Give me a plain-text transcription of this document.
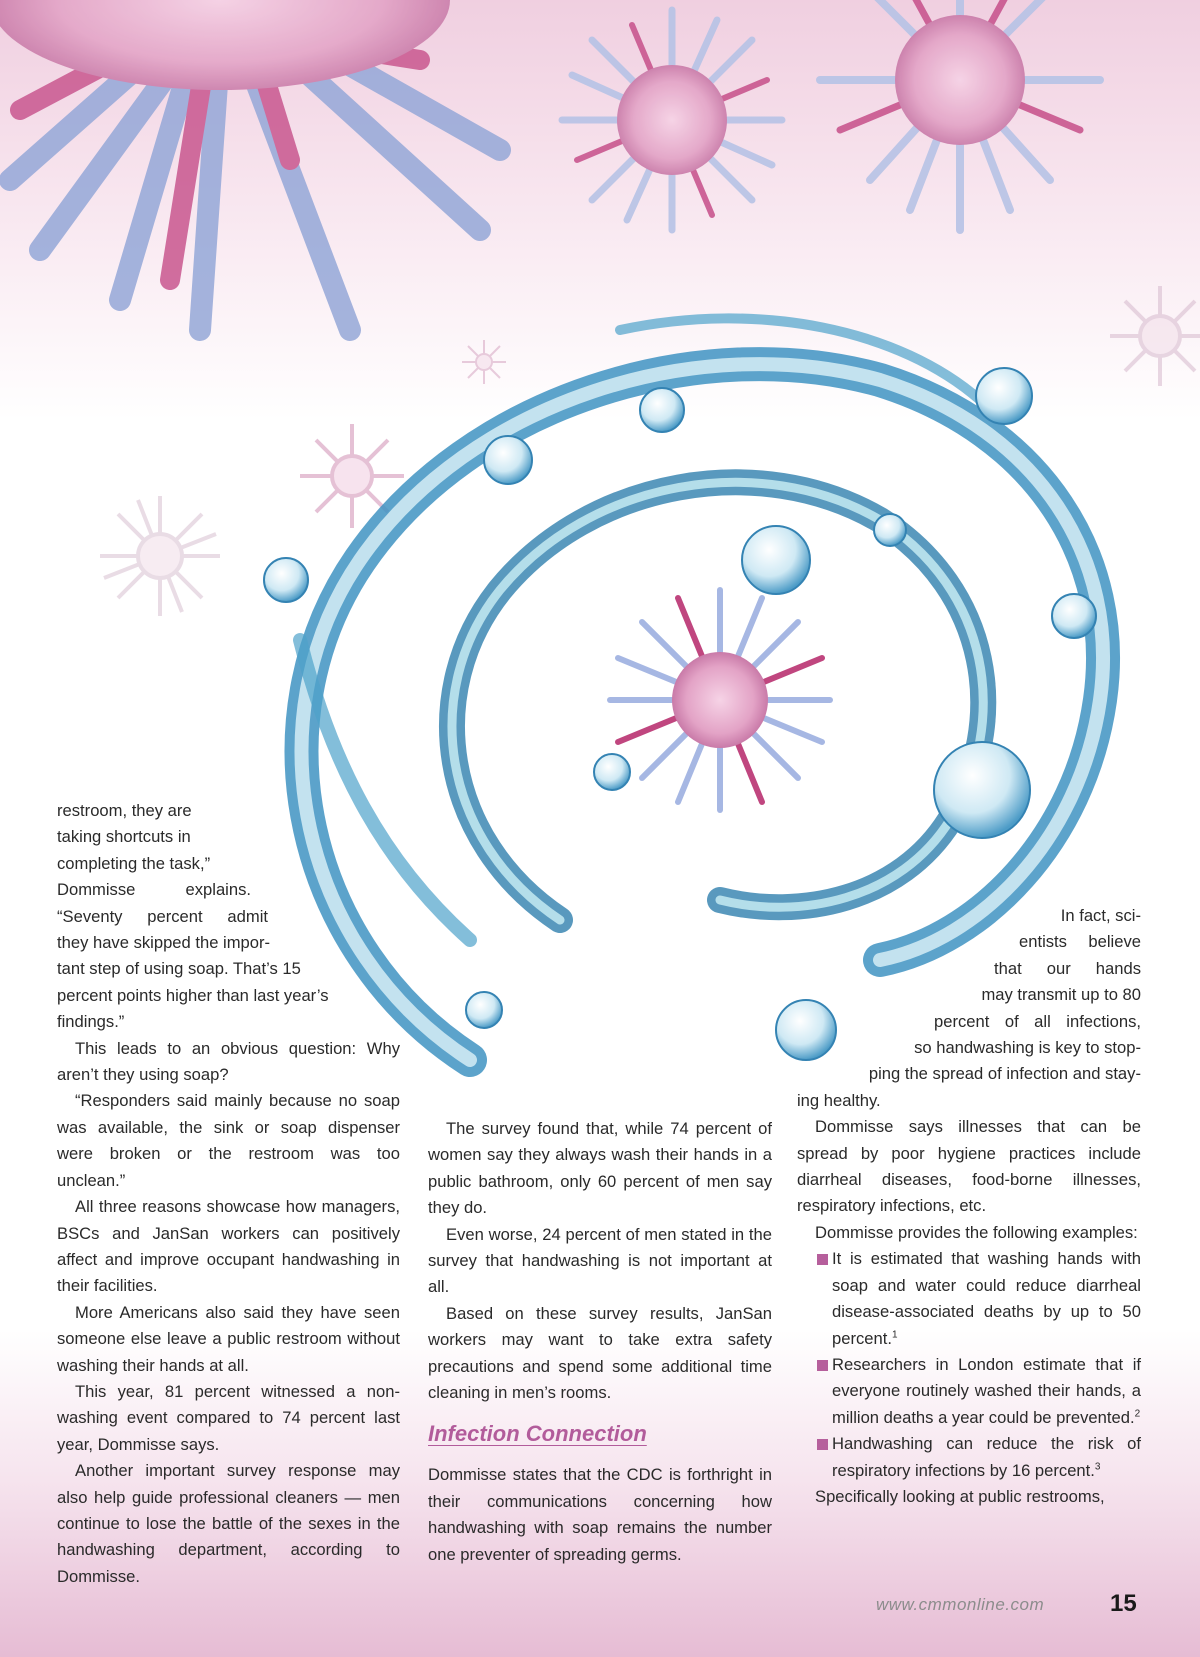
restroom, they are

taking shortcuts in

completing the task,”

Dommisse explains.

“Seventy percent admit

they have skipped the impor-

tant step of using soap. That’s 15

percent points higher than last year’s

findings.”

This leads to an obvious question: Why aren’t they using soap?

“Responders said mainly because no soap was available, the sink or soap dispenser were broken or the restroom was too unclean.”

All three reasons showcase how managers, BSCs and JanSan workers can positively affect and improve occupant handwashing in their facilities.

More Americans also said they have seen someone else leave a public restroom without washing their hands at all.

This year, 81 percent witnessed a non-washing event compared to 74 percent last year, Dommisse says.

Another important survey response may also help guide professional cleaners — men continue to lose the battle of the sexes in the handwashing department, according to Dommisse.

The survey found that, while 74 percent of women say they always wash their hands in a public bathroom, only 60 percent of men say they do.

Even worse, 24 percent of men stated in the survey that handwashing is not important at all.

Based on these survey results, JanSan workers may want to take extra safety precautions and spend some additional time cleaning in men’s rooms.

Infection Connection

Dommisse states that the CDC is forthright in their communications concerning how handwashing with soap remains the number one preventer of spreading germs.

In fact, sci-

entists believe

that our hands

may transmit up to 80

percent of all infections,

so handwashing is key to stop-

ping the spread of infection and stay-

ing healthy.

Dommisse says illnesses that can be spread by poor hygiene practices include diarrheal diseases, food-borne illnesses, respiratory infections, etc.

Dommisse provides the following examples:

It is estimated that washing hands with soap and water could reduce diarrheal disease-associated deaths by up to 50 percent.$^1$

Researchers in London estimate that if everyone routinely washed their hands, a million deaths a year could be prevented.$^2$

Handwashing can reduce the risk of respiratory infections by 16 percent.$^3$

Specifically looking at public restrooms,

www.cmmonline.com	15
